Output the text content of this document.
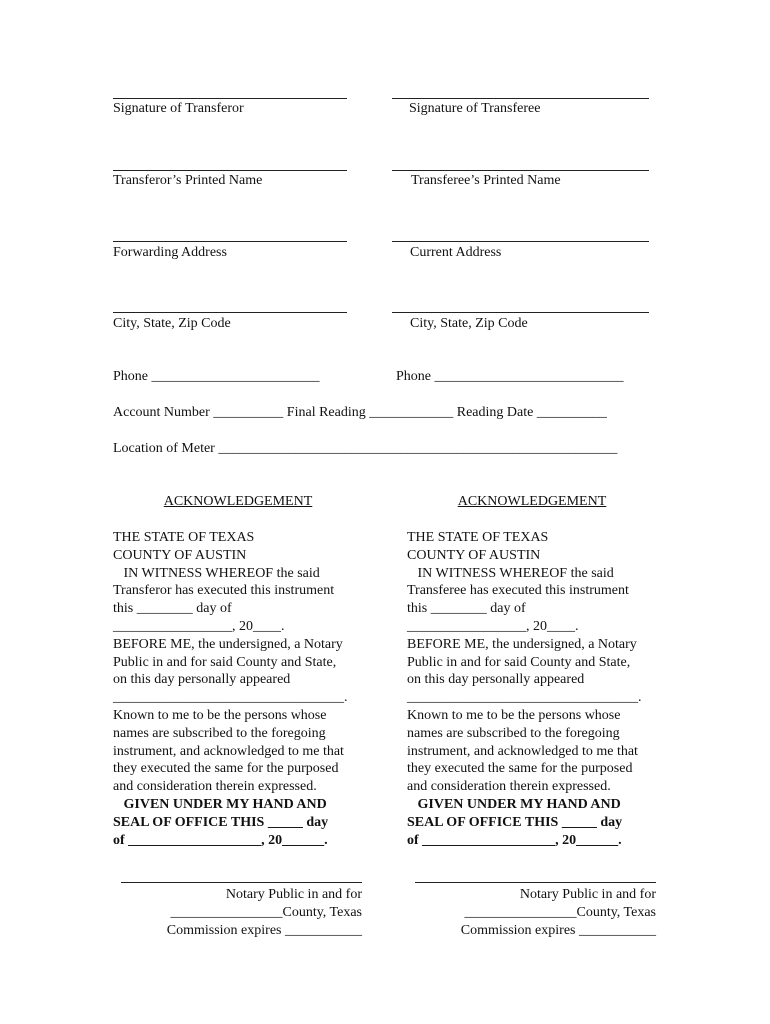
Signature of Transferor	Signature of Transferee
Transferor’s Printed Name	Transferee’s Printed Name
Forwarding Address	Current Address
City, State, Zip Code	City, State, Zip Code
Phone ________________________	Phone ___________________________
Account Number __________ Final Reading ____________ Reading Date __________
Location of Meter _________________________________________________________
ACKNOWLEDGEMENT
THE STATE OF TEXAS
COUNTY OF AUSTIN
IN WITNESS WHEREOF the said
Transferor has executed this instrument
this ________ day of
_________________, 20____.
BEFORE ME, the undersigned, a Notary
Public in and for said County and State,
on this day personally appeared
_________________________________.
Known to me to be the persons whose
names are subscribed to the foregoing
instrument, and acknowledged to me that
they executed the same for the purposed
and consideration therein expressed.
GIVEN UNDER MY HAND AND
SEAL OF OFFICE THIS _____ day
of ___________________, 20______.
Notary Public in and for
________________County, Texas
Commission expires ___________
ACKNOWLEDGEMENT
THE STATE OF TEXAS
COUNTY OF AUSTIN
IN WITNESS WHEREOF the said
Transferee has executed this instrument
this ________ day of
_________________, 20____.
BEFORE ME, the undersigned, a Notary
Public in and for said County and State,
on this day personally appeared
_________________________________.
Known to me to be the persons whose
names are subscribed to the foregoing
instrument, and acknowledged to me that
they executed the same for the purposed
and consideration therein expressed.
GIVEN UNDER MY HAND AND
SEAL OF OFFICE THIS _____ day
of ___________________, 20______.
Notary Public in and for
________________County, Texas
Commission expires ___________
